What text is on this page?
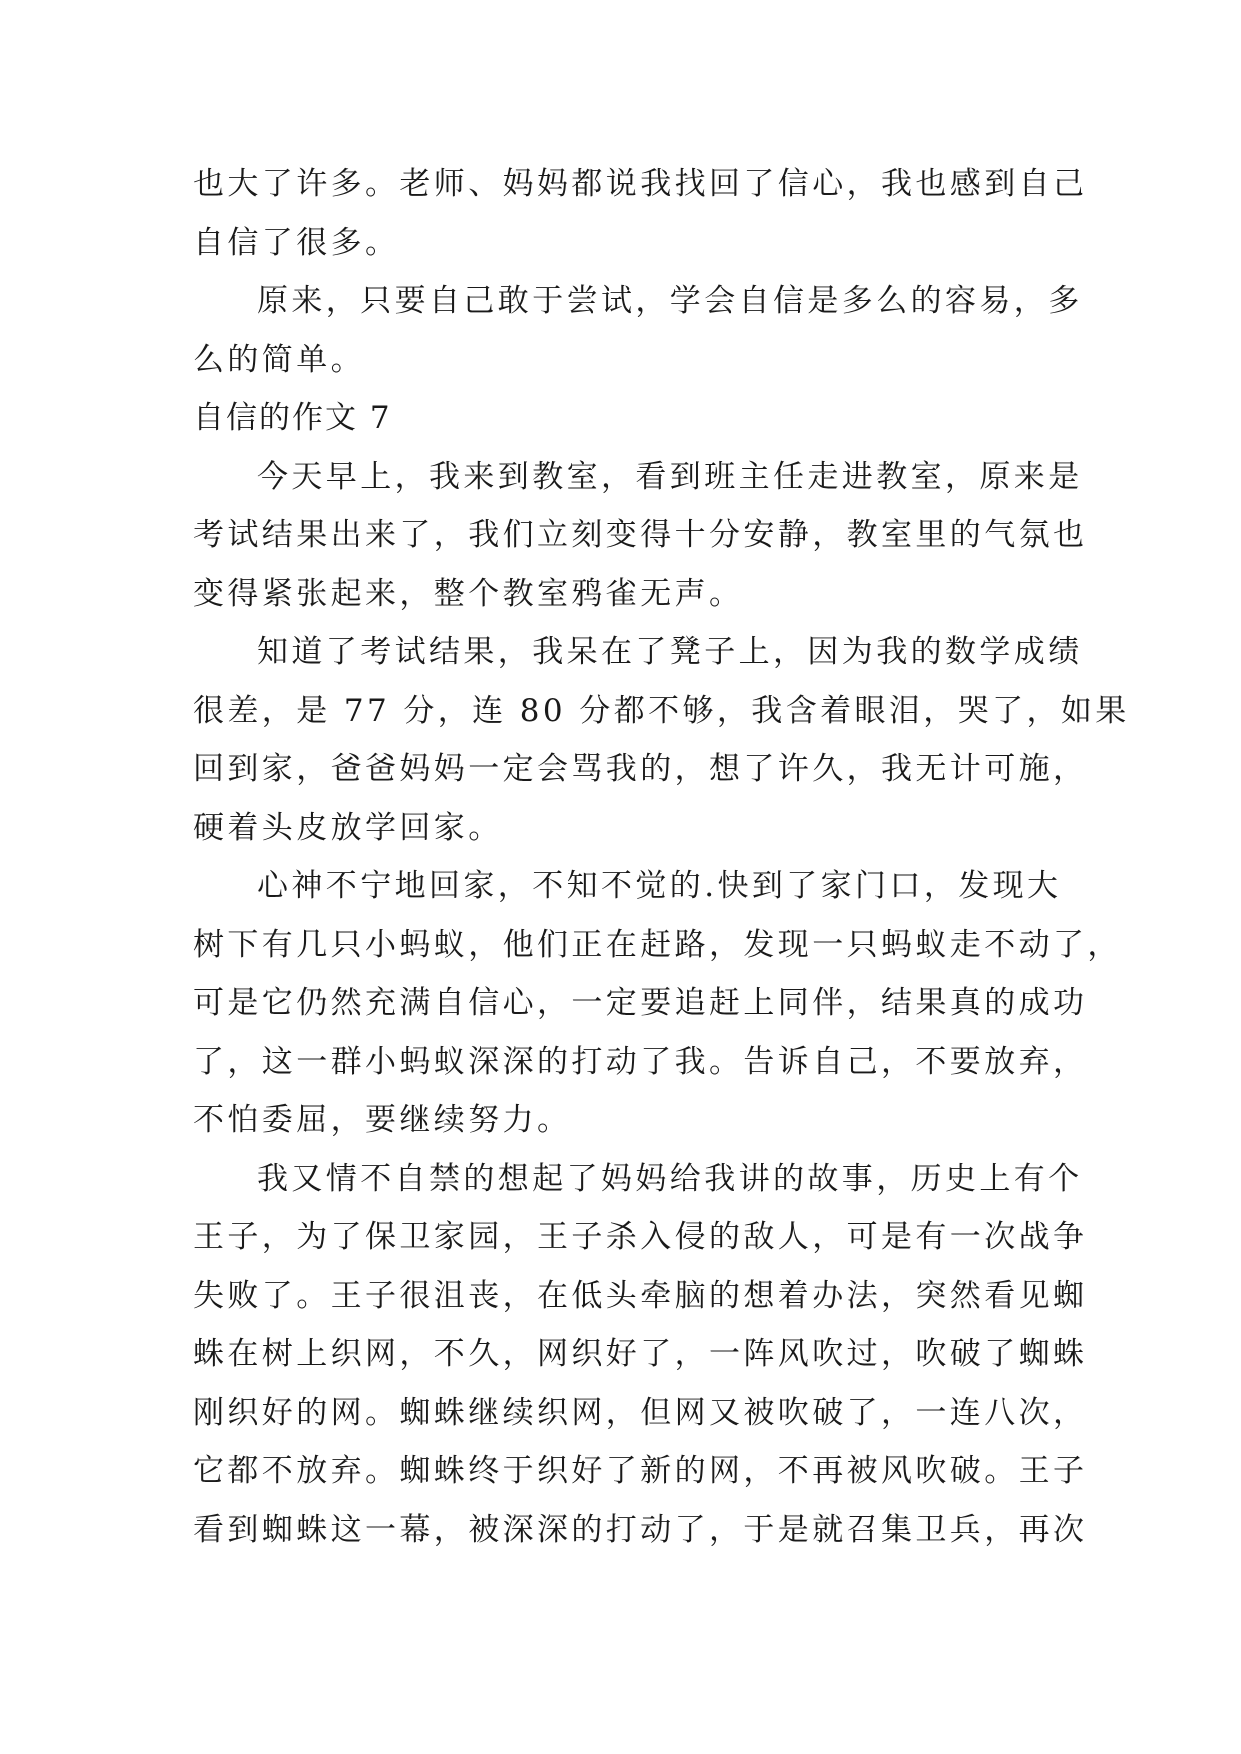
也大了许多。老师、妈妈都说我找回了信心，我也感到自己
自信了很多。
原来，只要自己敢于尝试，学会自信是多么的容易，多
么的简单。
自信的作文 7
今天早上，我来到教室，看到班主任走进教室，原来是
考试结果出来了，我们立刻变得十分安静，教室里的气氛也
变得紧张起来，整个教室鸦雀无声。
知道了考试结果，我呆在了凳子上，因为我的数学成绩
很差，是 77 分，连 80 分都不够，我含着眼泪，哭了，如果
回到家，爸爸妈妈一定会骂我的，想了许久，我无计可施，
硬着头皮放学回家。
心神不宁地回家，不知不觉的.快到了家门口，发现大
树下有几只小蚂蚁，他们正在赶路，发现一只蚂蚁走不动了，
可是它仍然充满自信心，一定要追赶上同伴，结果真的成功
了，这一群小蚂蚁深深的打动了我。告诉自己，不要放弃，
不怕委屈，要继续努力。
我又情不自禁的想起了妈妈给我讲的故事，历史上有个
王子，为了保卫家园，王子杀入侵的敌人，可是有一次战争
失败了。王子很沮丧，在低头牵脑的想着办法，突然看见蜘
蛛在树上织网，不久，网织好了，一阵风吹过，吹破了蜘蛛
刚织好的网。蜘蛛继续织网，但网又被吹破了，一连八次，
它都不放弃。蜘蛛终于织好了新的网，不再被风吹破。王子
看到蜘蛛这一幕，被深深的打动了，于是就召集卫兵，再次
